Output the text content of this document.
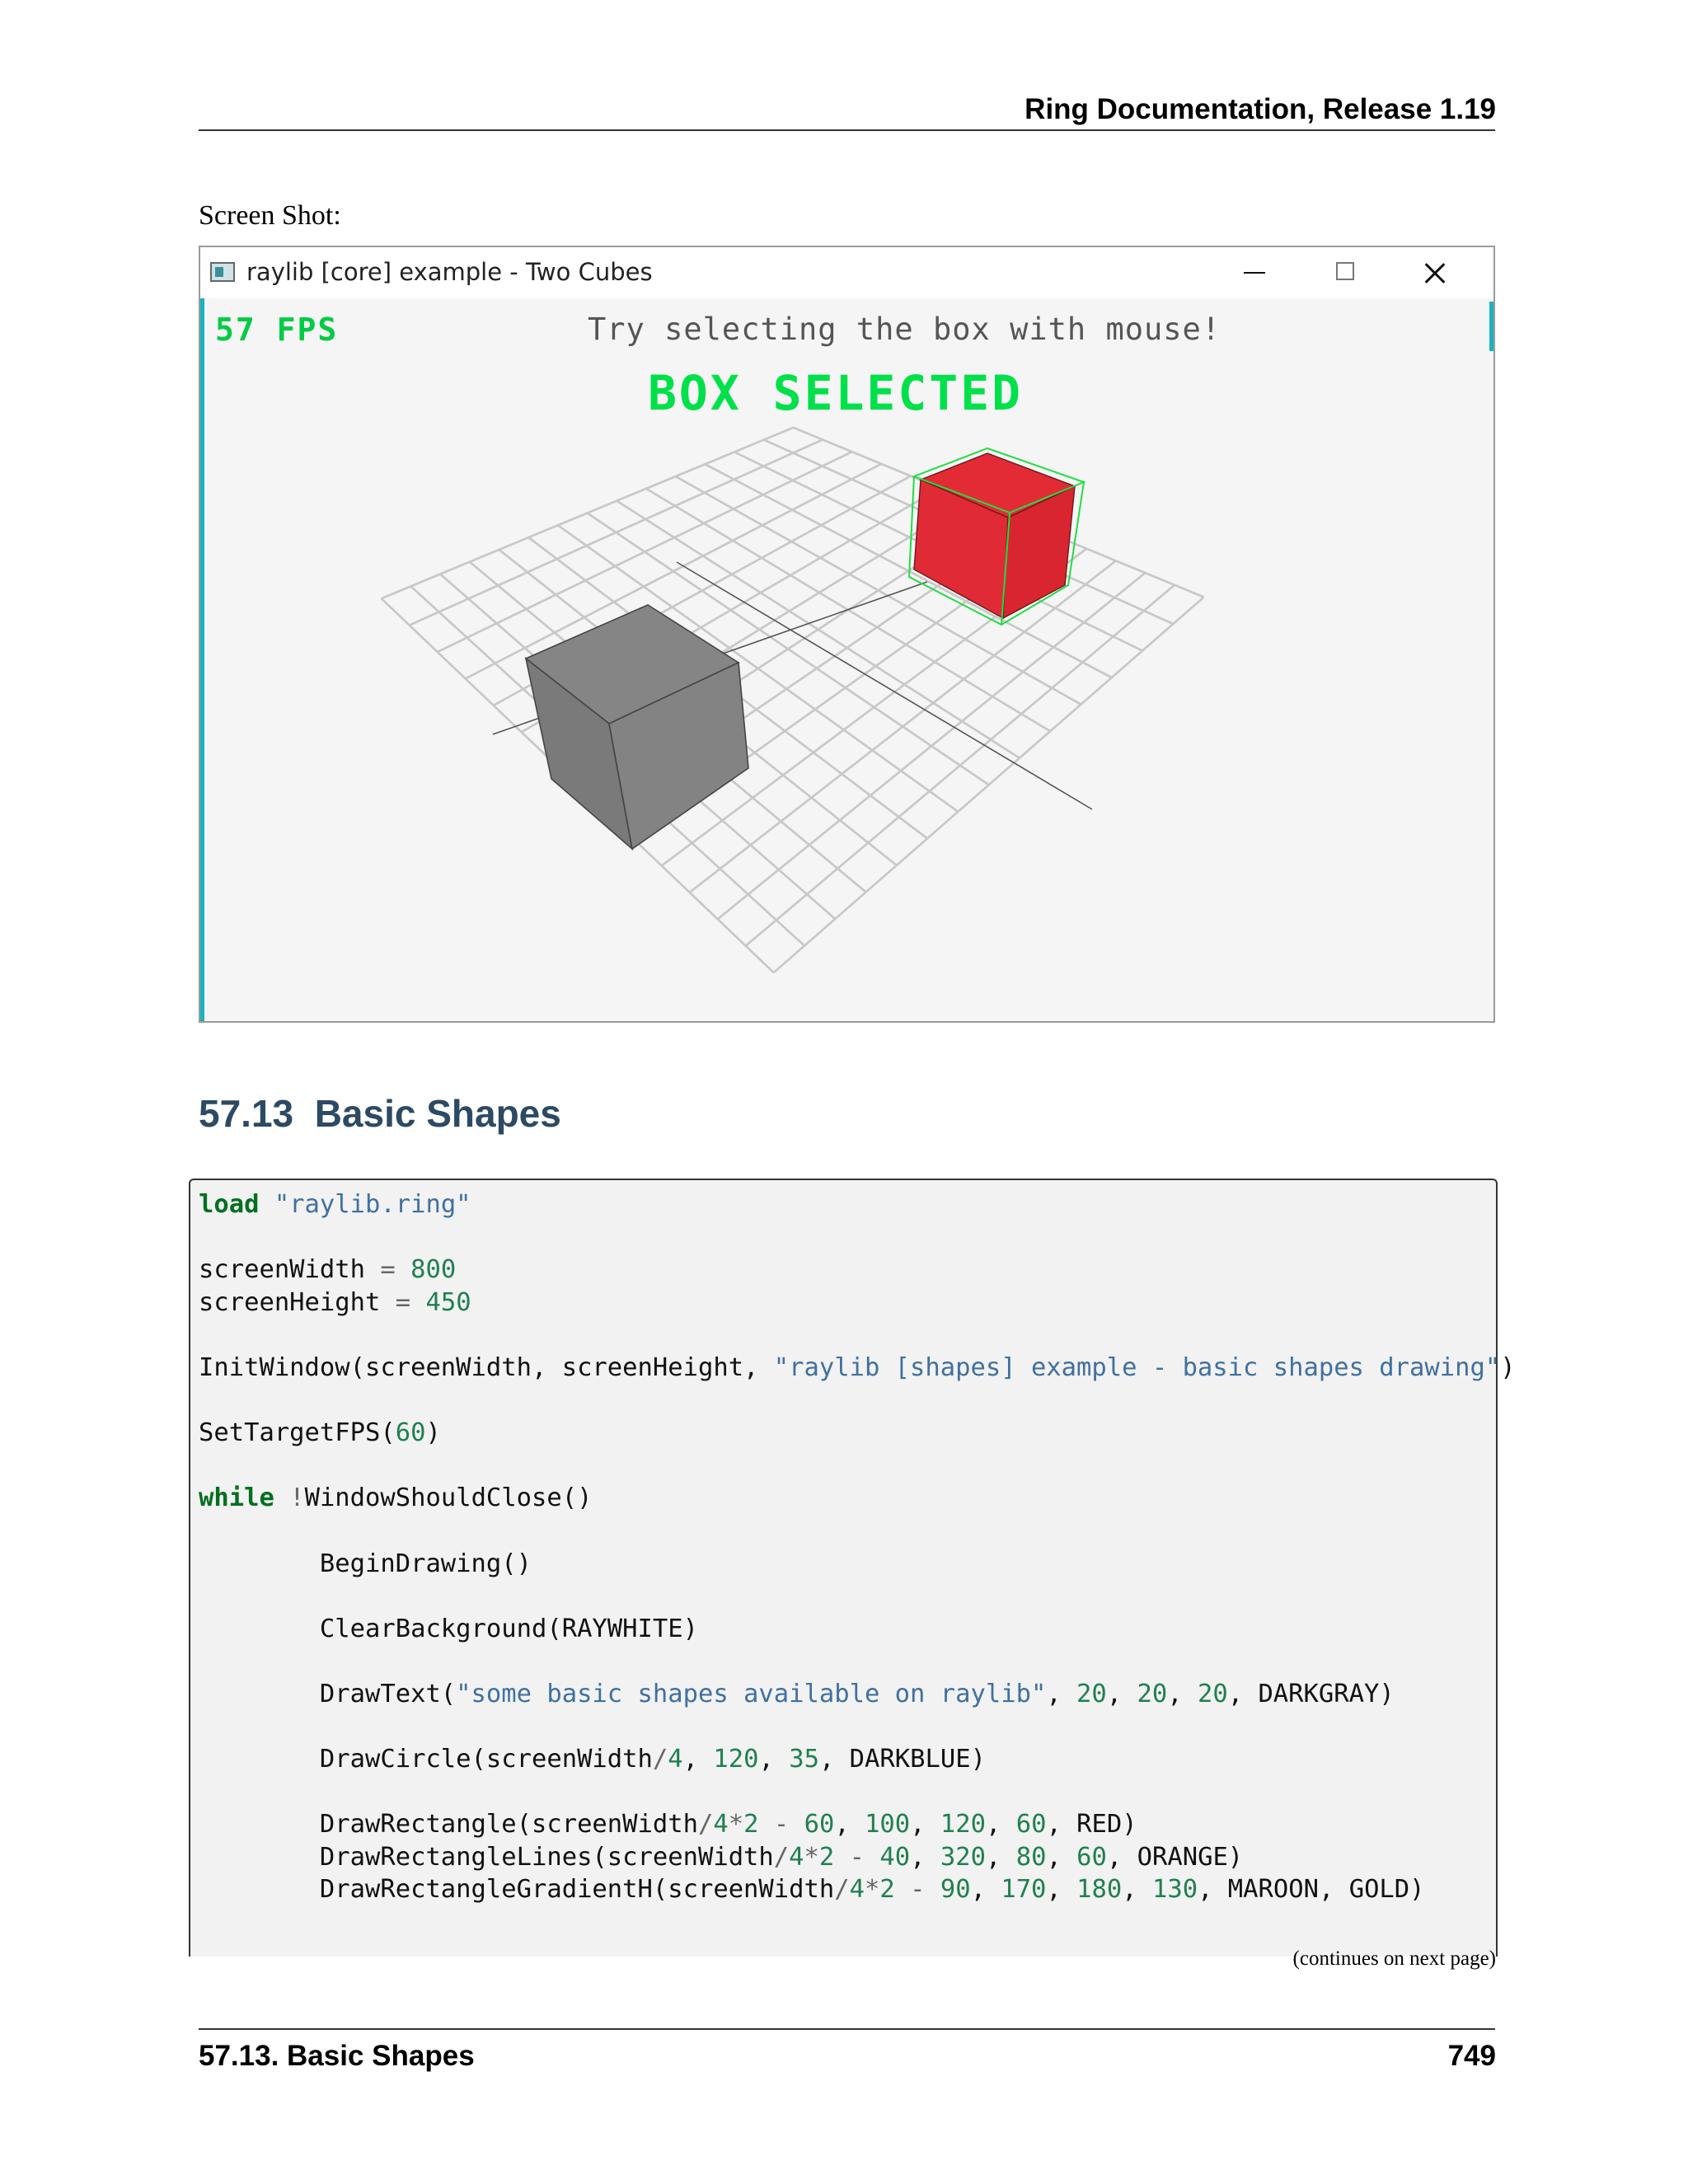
Ring Documentation, Release 1.19
Screen Shot:
raylib [core] example - Two Cubes
57 FPS	Try selecting the box with mouse!
BOX SELECTED
57.13 Basic Shapes
load "raylib.ring"

screenWidth = 800
screenHeight = 450

InitWindow(screenWidth, screenHeight, "raylib [shapes] example - basic shapes drawing")

SetTargetFPS(60)

while !WindowShouldClose()

BeginDrawing()

ClearBackground(RAYWHITE)

DrawText("some basic shapes available on raylib", 20, 20, 20, DARKGRAY)

DrawCircle(screenWidth/4, 120, 35, DARKBLUE)

DrawRectangle(screenWidth/4*2 - 60, 100, 120, 60, RED)
DrawRectangleLines(screenWidth/4*2 - 40, 320, 80, 60, ORANGE)
DrawRectangleGradientH(screenWidth/4*2 - 90, 170, 180, 130, MAROON, GOLD)

(continues on next page)
57.13. Basic Shapes	749
